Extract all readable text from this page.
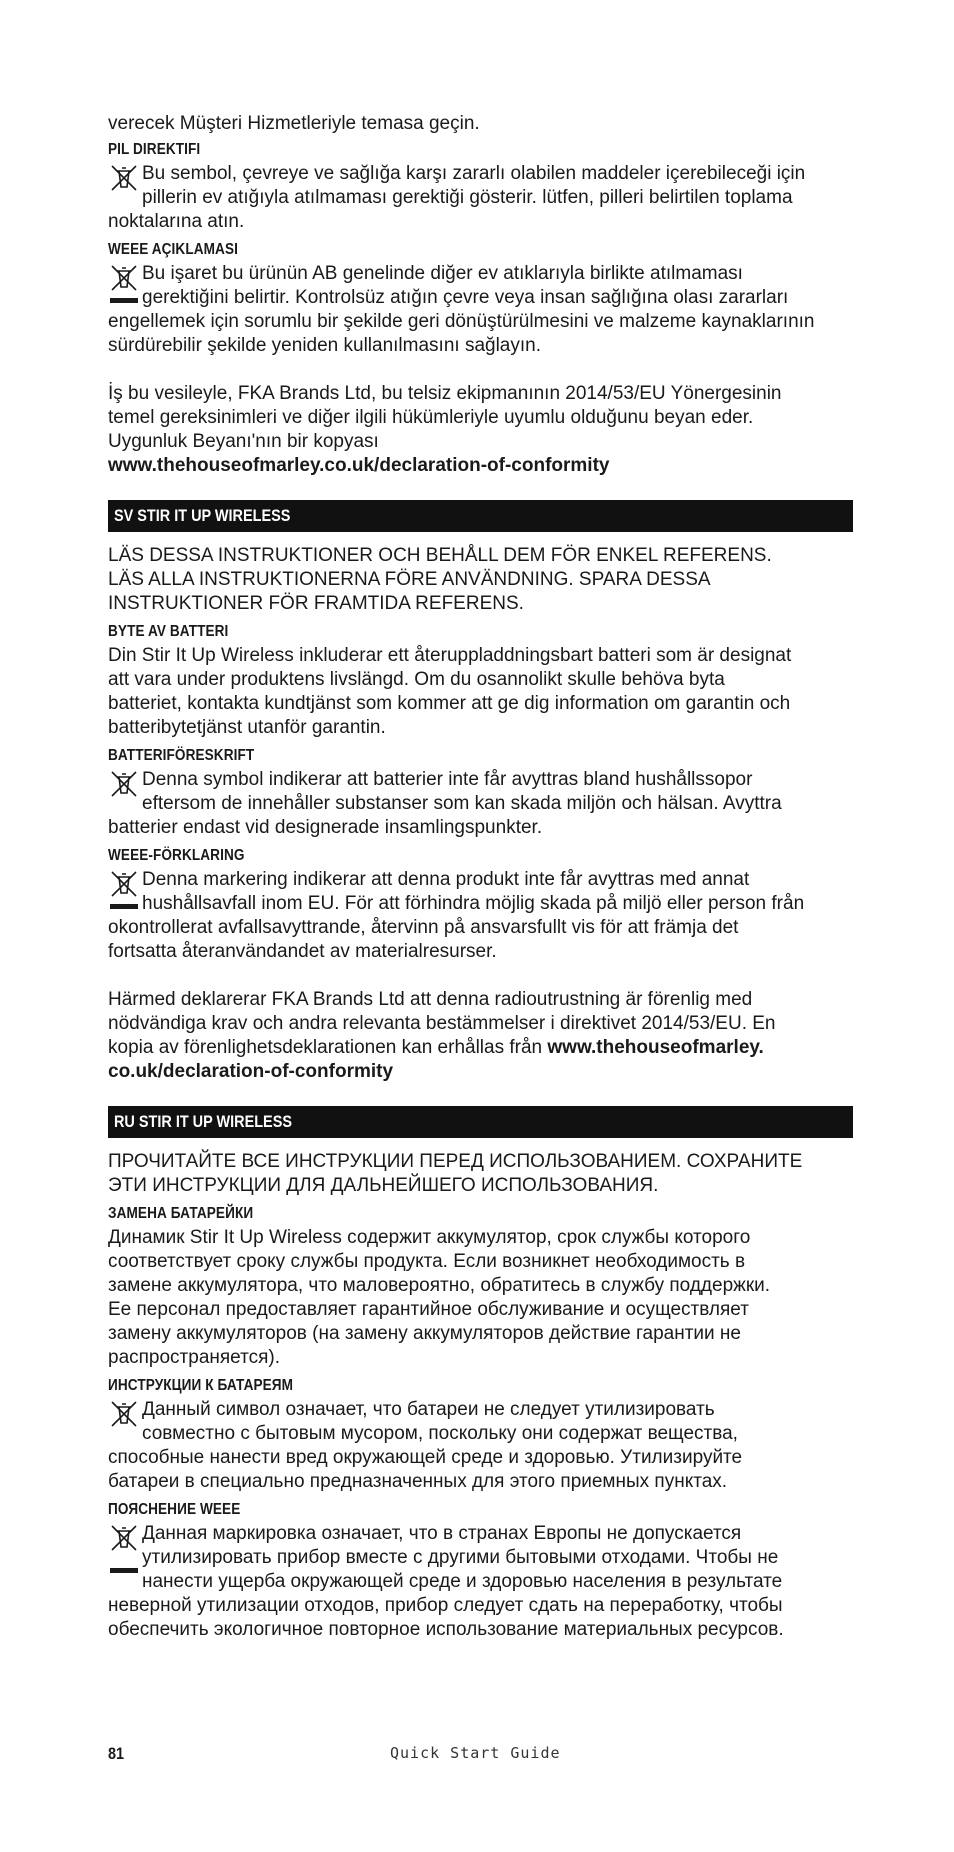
verecek Müşteri Hizmetleriyle temasa geçin.

PIL DIREKTIFI

Bu sembol, çevreye ve sağlığa karşı zararlı olabilen maddeler içerebileceği için

pillerin ev atığıyla atılmaması gerektiği gösterir. lütfen, pilleri belirtilen toplama

noktalarına atın.

WEEE AÇIKLAMASI

Bu işaret bu ürünün AB genelinde diğer ev atıklarıyla birlikte atılmaması

gerektiğini belirtir. Kontrolsüz atığın çevre veya insan sağlığına olası zararları

engellemek için sorumlu bir şekilde geri dönüştürülmesini ve malzeme kaynaklarının

sürdürebilir şekilde yeniden kullanılmasını sağlayın.

İş bu vesileyle, FKA Brands Ltd, bu telsiz ekipmanının 2014/53/EU Yönergesinin

temel gereksinimleri ve diğer ilgili hükümleriyle uyumlu olduğunu beyan eder.

Uygunluk Beyanı'nın bir kopyası

www.thehouseofmarley.co.uk/declaration-of-conformity

SV STIR IT UP WIRELESS

LÄS DESSA INSTRUKTIONER OCH BEHÅLL DEM FÖR ENKEL REFERENS.

LÄS ALLA INSTRUKTIONERNA FÖRE ANVÄNDNING. SPARA DESSA

INSTRUKTIONER FÖR FRAMTIDA REFERENS.

BYTE AV BATTERI

Din Stir It Up Wireless inkluderar ett återuppladdningsbart batteri som är designat

att vara under produktens livslängd. Om du osannolikt skulle behöva byta

batteriet, kontakta kundtjänst som kommer att ge dig information om garantin och

batteribytetjänst utanför garantin.

BATTERIFÖRESKRIFT

Denna symbol indikerar att batterier inte får avyttras bland hushållssopor

eftersom de innehåller substanser som kan skada miljön och hälsan. Avyttra

batterier endast vid designerade insamlingspunkter.

WEEE-FÖRKLARING

Denna markering indikerar att denna produkt inte får avyttras med annat

hushållsavfall inom EU. För att förhindra möjlig skada på miljö eller person från

okontrollerat avfallsavyttrande, återvinn på ansvarsfullt vis för att främja det

fortsatta återanvändandet av materialresurser.

Härmed deklarerar FKA Brands Ltd att denna radioutrustning är förenlig med

nödvändiga krav och andra relevanta bestämmelser i direktivet 2014/53/EU. En

kopia av förenlighetsdeklarationen kan erhållas från www.thehouseofmarley.

co.uk/declaration-of-conformity

RU STIR IT UP WIRELESS

ПРОЧИТАЙТЕ ВСЕ ИНСТРУКЦИИ ПЕРЕД ИСПОЛЬЗОВАНИЕМ. СОХРАНИТЕ

ЭТИ ИНСТРУКЦИИ ДЛЯ ДАЛЬНЕЙШЕГО ИСПОЛЬЗОВАНИЯ.

ЗАМЕНА БАТАРЕЙКИ

Динамик Stir It Up Wireless содержит аккумулятор, срок службы которого

соответствует сроку службы продукта. Если возникнет необходимость в

замене аккумулятора, что маловероятно, обратитесь в службу поддержки.

Ее персонал предоставляет гарантийное обслуживание и осуществляет

замену аккумуляторов (на замену аккумуляторов действие гарантии не

распространяется).

ИНСТРУКЦИИ К БАТАРЕЯМ

Данный символ означает, что батареи не следует утилизировать

совместно с бытовым мусором, поскольку они содержат вещества,

способные нанести вред окружающей среде и здоровью. Утилизируйте

батареи в специально предназначенных для этого приемных пунктах.

ПОЯСНЕНИЕ WEEE

Данная маркировка означает, что в странах Европы не допускается

утилизировать прибор вместе с другими бытовыми отходами. Чтобы не

нанести ущерба окружающей среде и здоровью населения в результате

неверной утилизации отходов, прибор следует сдать на переработку, чтобы

обеспечить экологичное повторное использование материальных ресурсов.

81	Quick Start Guide
